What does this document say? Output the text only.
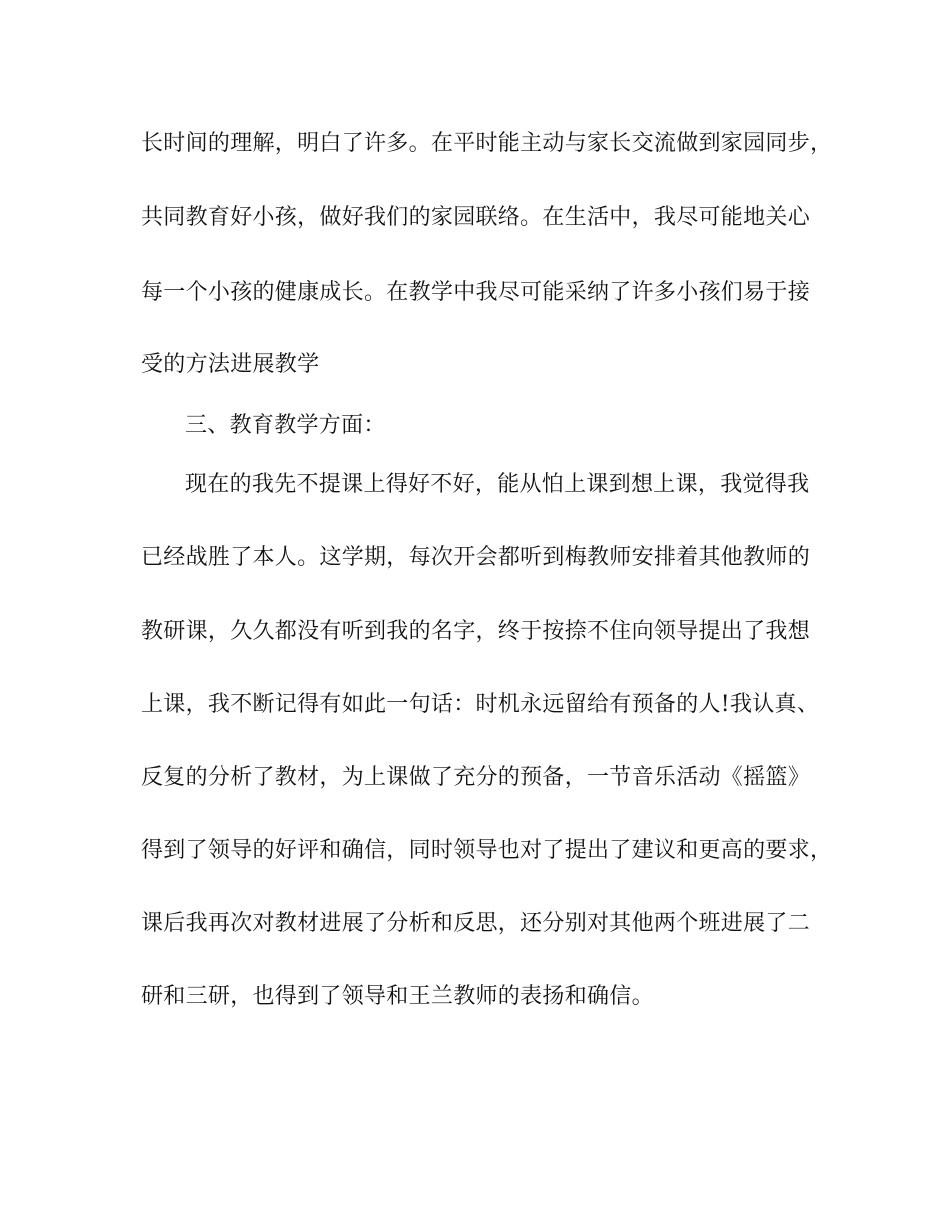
长时间的理解，明白了许多。在平时能主动与家长交流做到家园同步，
共同教育好小孩，做好我们的家园联络。在生活中，我尽可能地关心
每一个小孩的健康成长。在教学中我尽可能采纳了许多小孩们易于接
受的方法进展教学
三、教育教学方面：
现在的我先不提课上得好不好，能从怕上课到想上课，我觉得我
已经战胜了本人。这学期，每次开会都听到梅教师安排着其他教师的
教研课，久久都没有听到我的名字，终于按捺不住向领导提出了我想
上课，我不断记得有如此一句话：时机永远留给有预备的人!我认真、
反复的分析了教材，为上课做了充分的预备，一节音乐活动《摇篮》
得到了领导的好评和确信，同时领导也对了提出了建议和更高的要求，
课后我再次对教材进展了分析和反思，还分别对其他两个班进展了二
研和三研，也得到了领导和王兰教师的表扬和确信。
